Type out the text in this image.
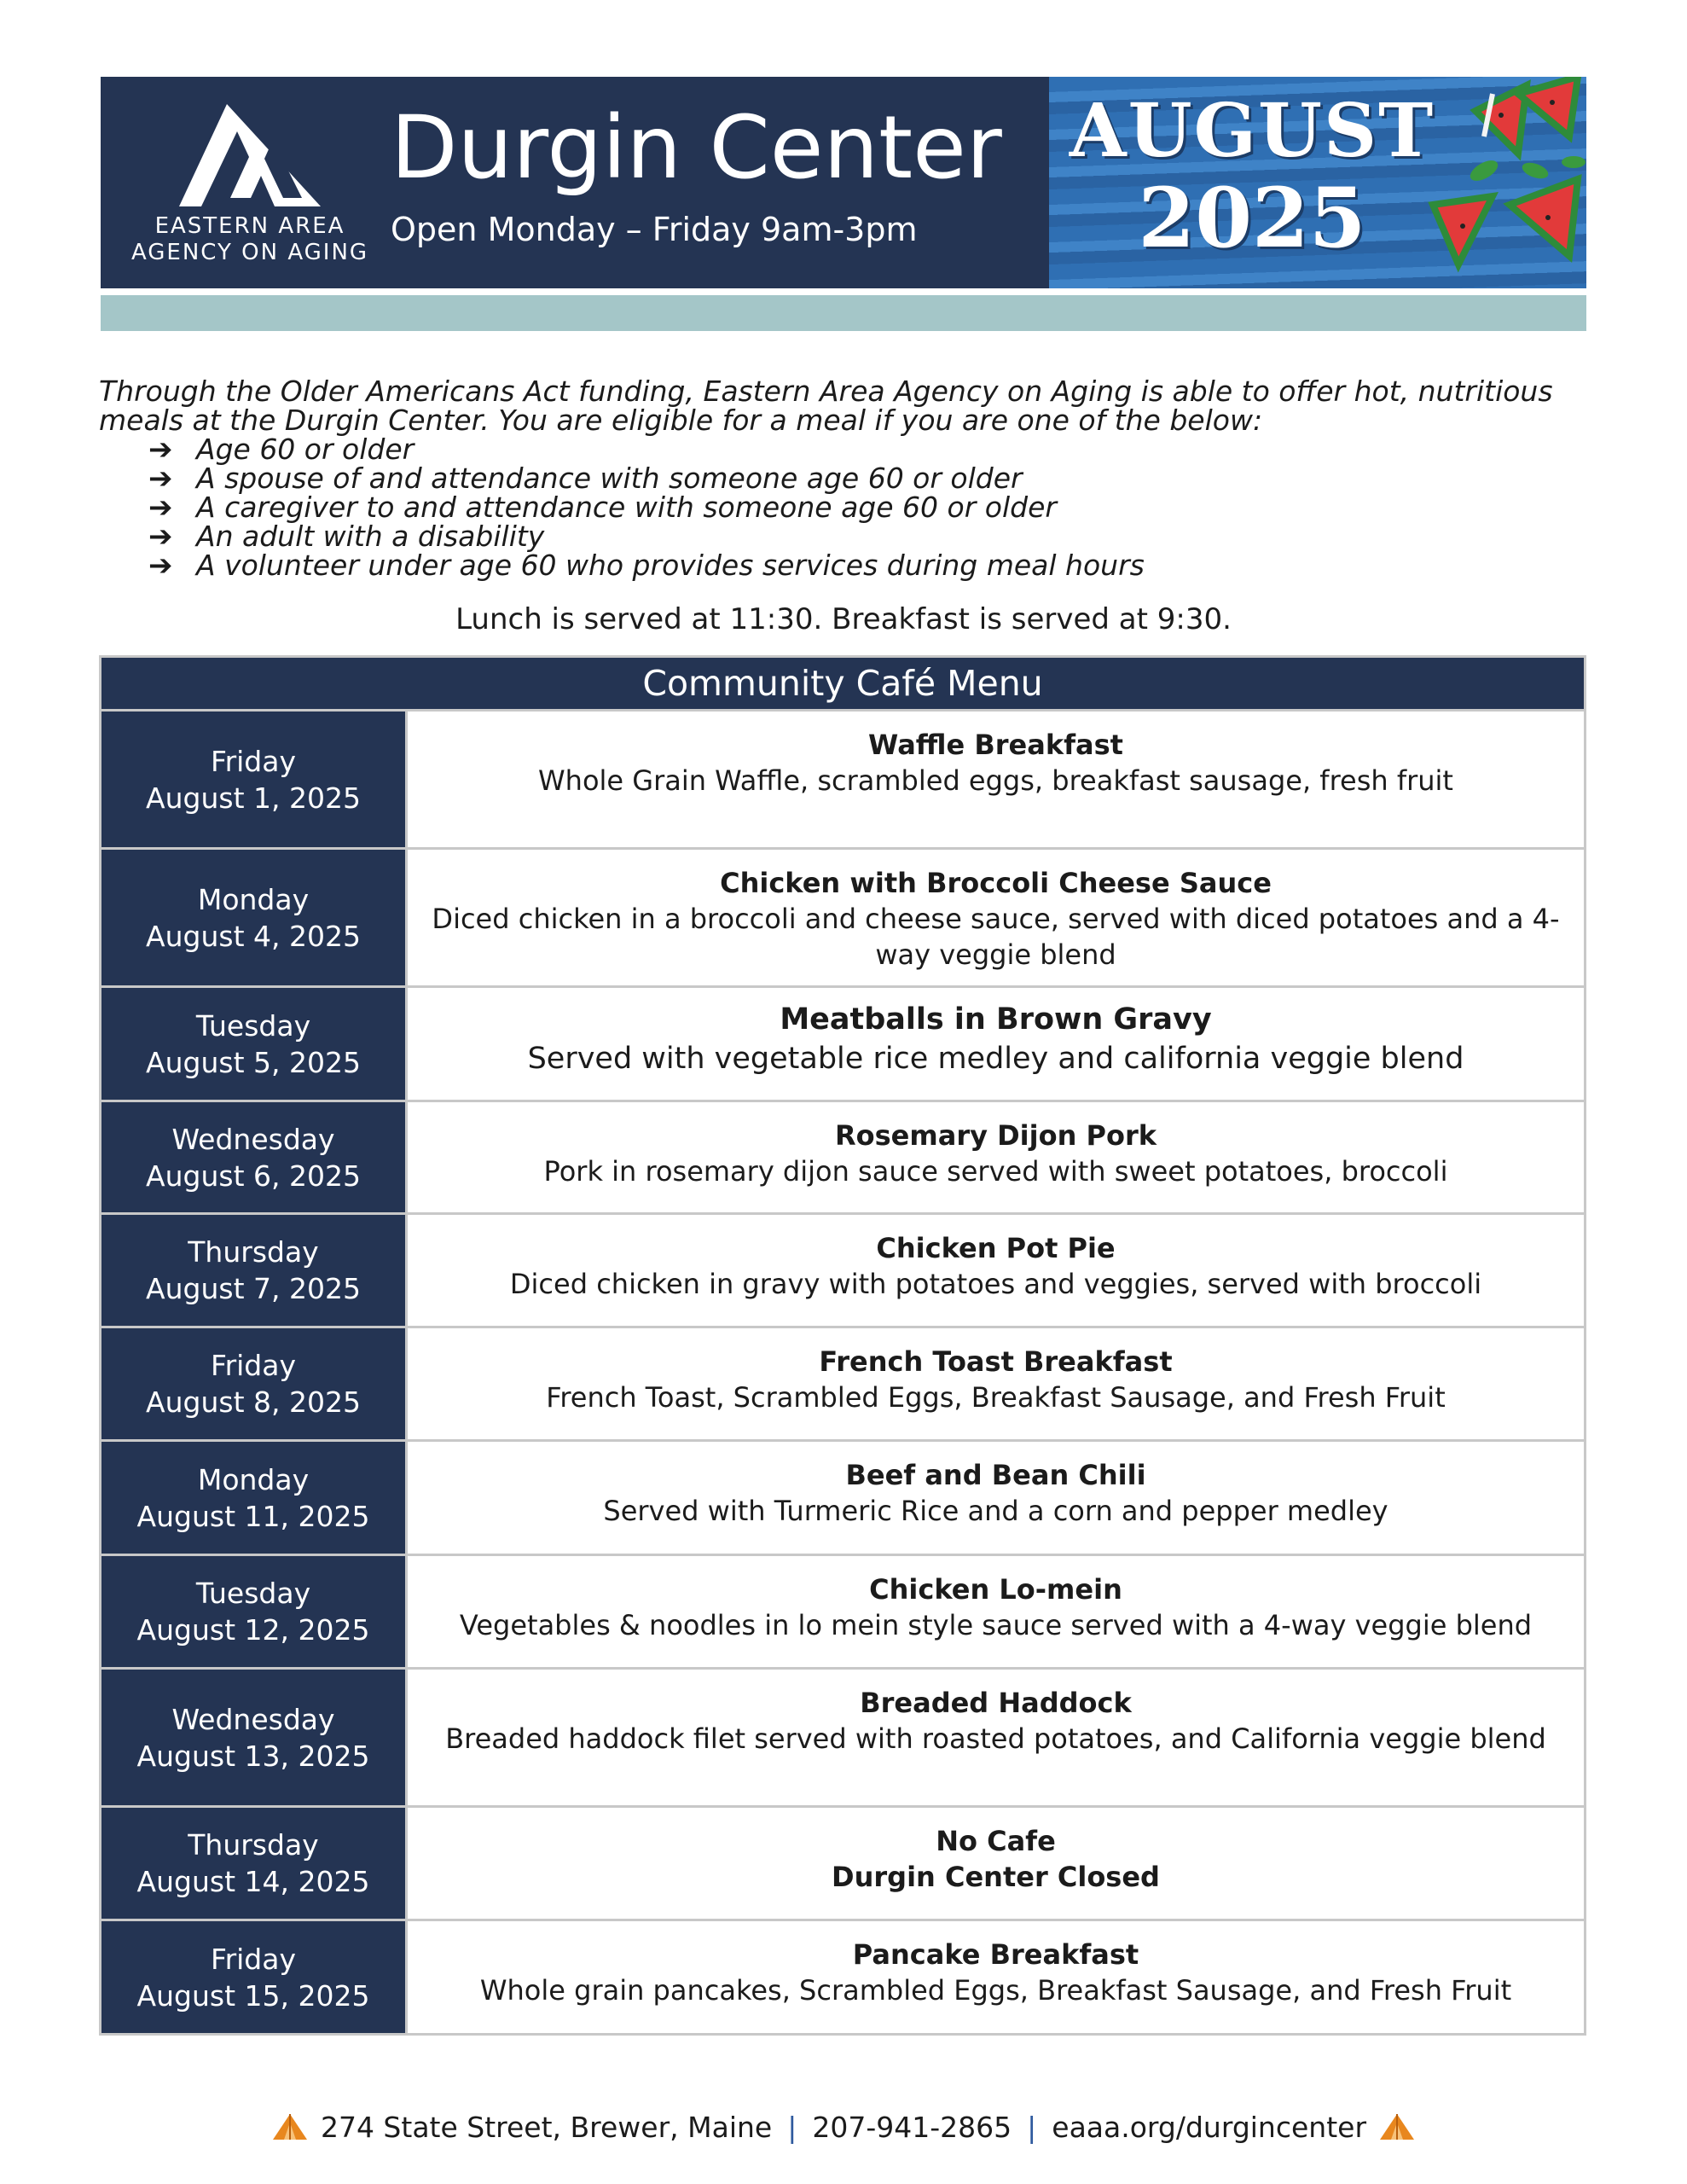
EASTERN AREA
AGENCY ON AGING
Durgin Center
Open Monday – Friday 9am-3pm
AUGUST
2025

Through the Older Americans Act funding, Eastern Area Agency on Aging is able to offer hot, nutritious meals at the Durgin Center. You are eligible for a meal if you are one of the below:

➔ Age 60 or older
➔ A spouse of and attendance with someone age 60 or older
➔ A caregiver to and attendance with someone age 60 or older
➔ An adult with a disability
➔ A volunteer under age 60 who provides services during meal hours
Lunch is served at 11:30. Breakfast is served at 9:30.
Community Café Menu
Friday
August 1, 2025
Waffle Breakfast
Whole Grain Waffle, scrambled eggs, breakfast sausage, fresh fruit
Monday
August 4, 2025
Chicken with Broccoli Cheese Sauce
Diced chicken in a broccoli and cheese sauce, served with diced potatoes and a 4-way veggie blend
Tuesday
August 5, 2025
Meatballs in Brown Gravy
Served with vegetable rice medley and california veggie blend
Wednesday
August 6, 2025
Rosemary Dijon Pork
Pork in rosemary dijon sauce served with sweet potatoes, broccoli
Thursday
August 7, 2025
Chicken Pot Pie
Diced chicken in gravy with potatoes and veggies, served with broccoli
Friday
August 8, 2025
French Toast Breakfast
French Toast, Scrambled Eggs, Breakfast Sausage, and Fresh Fruit
Monday
August 11, 2025
Beef and Bean Chili
Served with Turmeric Rice and a corn and pepper medley
Tuesday
August 12, 2025
Chicken Lo-mein
Vegetables & noodles in lo mein style sauce served with a 4-way veggie blend
Wednesday
August 13, 2025
Breaded Haddock
Breaded haddock filet served with roasted potatoes, and California veggie blend
Thursday
August 14, 2025
No Cafe
Durgin Center Closed
Friday
August 15, 2025
Pancake Breakfast
Whole grain pancakes, Scrambled Eggs, Breakfast Sausage, and Fresh Fruit
274 State Street, Brewer, Maine | 207-941-2865 | eaaa.org/durgincenter
